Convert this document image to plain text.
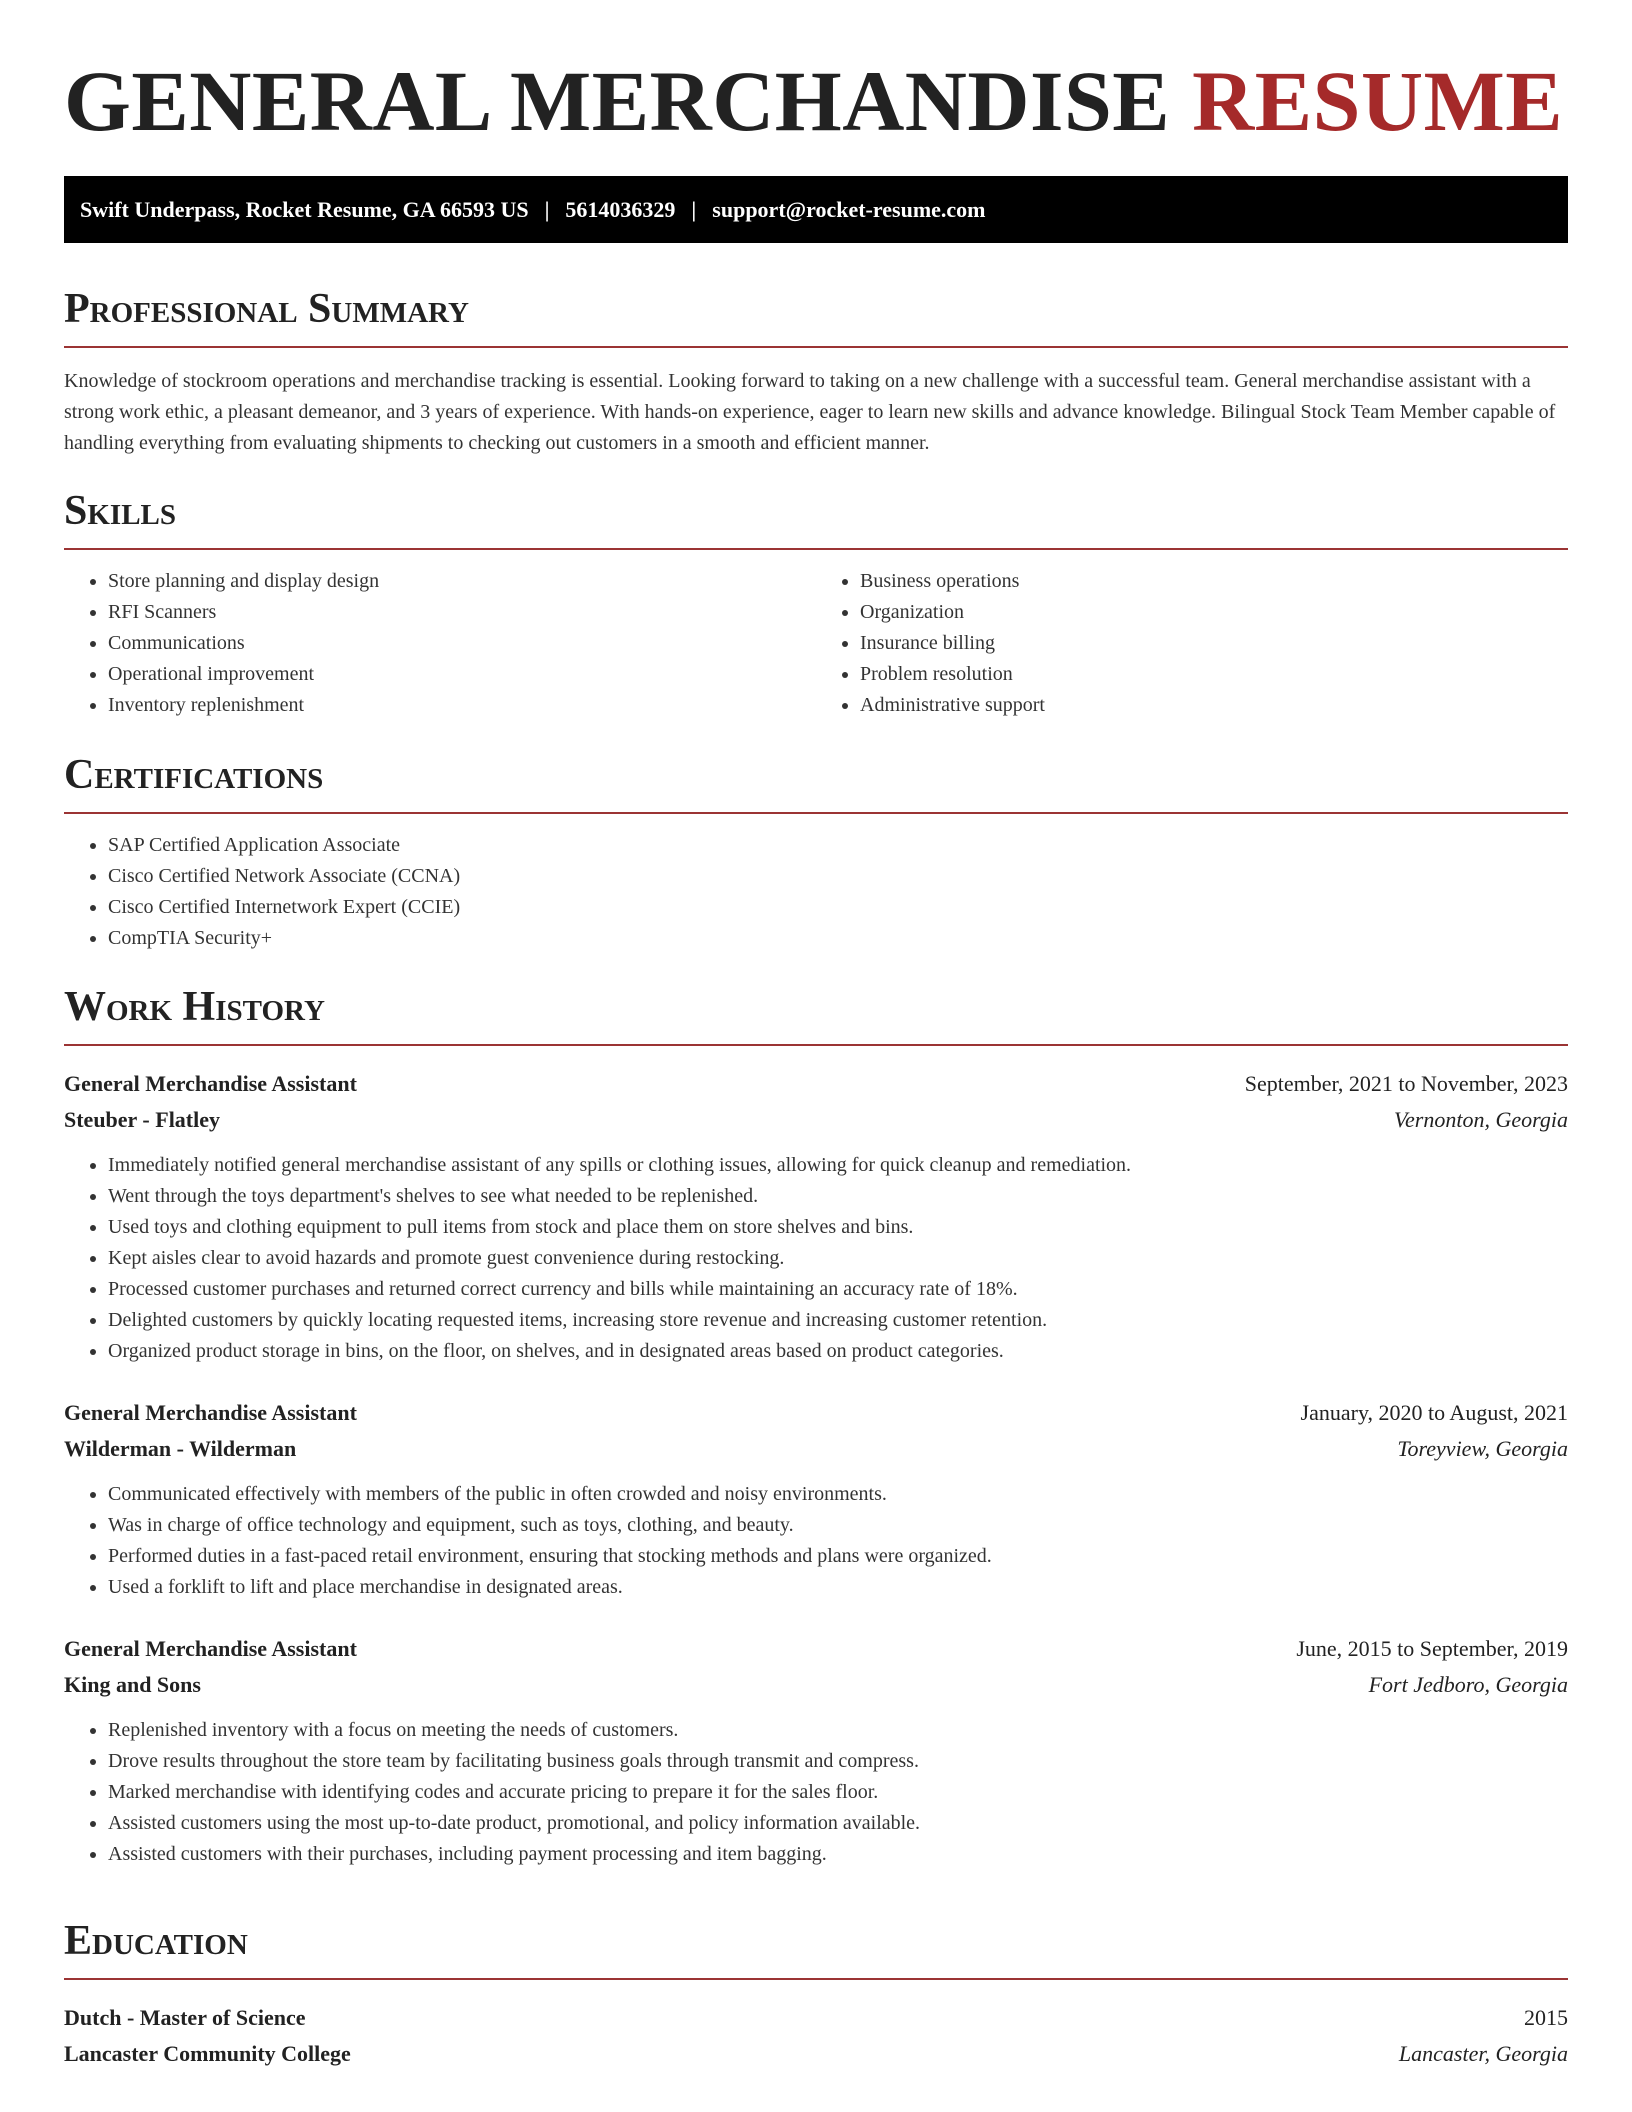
GENERAL MERCHANDISE RESUME
Swift Underpass, Rocket Resume, GA 66593 US | 5614036329 | support@rocket-resume.com
Professional Summary

Knowledge of stockroom operations and merchandise tracking is essential. Looking forward to taking on a new challenge with a successful team. General merchandise assistant with a strong work ethic, a pleasant demeanor, and 3 years of experience. With hands-on experience, eager to learn new skills and advance knowledge. Bilingual Stock Team Member capable of handling everything from evaluating shipments to checking out customers in a smooth and efficient manner.

Skills
• Store planning and display design
• RFI Scanners
• Communications
• Operational improvement
• Inventory replenishment
• Business operations
• Organization
• Insurance billing
• Problem resolution
• Administrative support
Certifications
• SAP Certified Application Associate
• Cisco Certified Network Associate (CCNA)
• Cisco Certified Internetwork Expert (CCIE)
• CompTIA Security+
Work History
General Merchandise Assistant	September, 2021 to November, 2023
Steuber - Flatley	Vernonton, Georgia
• Immediately notified general merchandise assistant of any spills or clothing issues, allowing for quick cleanup and remediation.
• Went through the toys department's shelves to see what needed to be replenished.
• Used toys and clothing equipment to pull items from stock and place them on store shelves and bins.
• Kept aisles clear to avoid hazards and promote guest convenience during restocking.
• Processed customer purchases and returned correct currency and bills while maintaining an accuracy rate of 18%.
• Delighted customers by quickly locating requested items, increasing store revenue and increasing customer retention.
• Organized product storage in bins, on the floor, on shelves, and in designated areas based on product categories.
General Merchandise Assistant	January, 2020 to August, 2021
Wilderman - Wilderman	Toreyview, Georgia
• Communicated effectively with members of the public in often crowded and noisy environments.
• Was in charge of office technology and equipment, such as toys, clothing, and beauty.
• Performed duties in a fast-paced retail environment, ensuring that stocking methods and plans were organized.
• Used a forklift to lift and place merchandise in designated areas.
General Merchandise Assistant	June, 2015 to September, 2019
King and Sons	Fort Jedboro, Georgia
• Replenished inventory with a focus on meeting the needs of customers.
• Drove results throughout the store team by facilitating business goals through transmit and compress.
• Marked merchandise with identifying codes and accurate pricing to prepare it for the sales floor.
• Assisted customers using the most up-to-date product, promotional, and policy information available.
• Assisted customers with their purchases, including payment processing and item bagging.
Education
Dutch - Master of Science	2015
Lancaster Community College	Lancaster, Georgia
